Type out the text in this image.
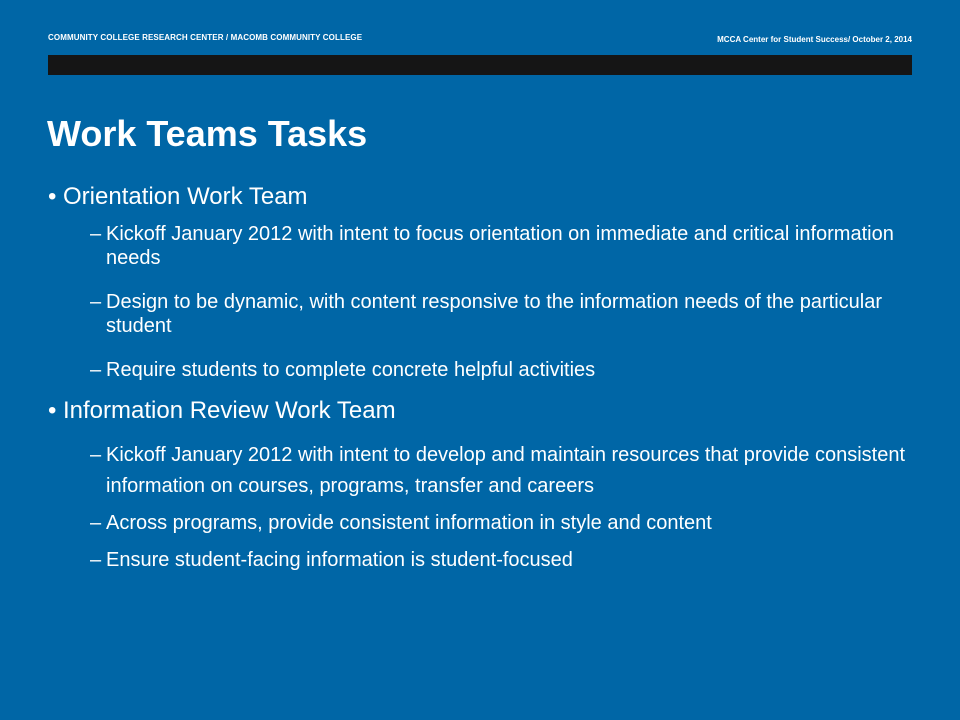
COMMUNITY COLLEGE RESEARCH CENTER / MACOMB COMMUNITY COLLEGE	MCCA Center for Student Success/ October 2, 2014
Work Teams Tasks
• Orientation Work Team
– Kickoff January 2012 with intent to focus orientation on immediate and critical information needs
– Design to be dynamic, with content responsive to the information needs of the particular student
– Require students to complete concrete helpful activities
• Information Review Work Team
– Kickoff January 2012 with intent to develop and maintain resources that provide consistent information on courses, programs, transfer and careers
– Across programs, provide consistent information in style and content
– Ensure student-facing information is student-focused
